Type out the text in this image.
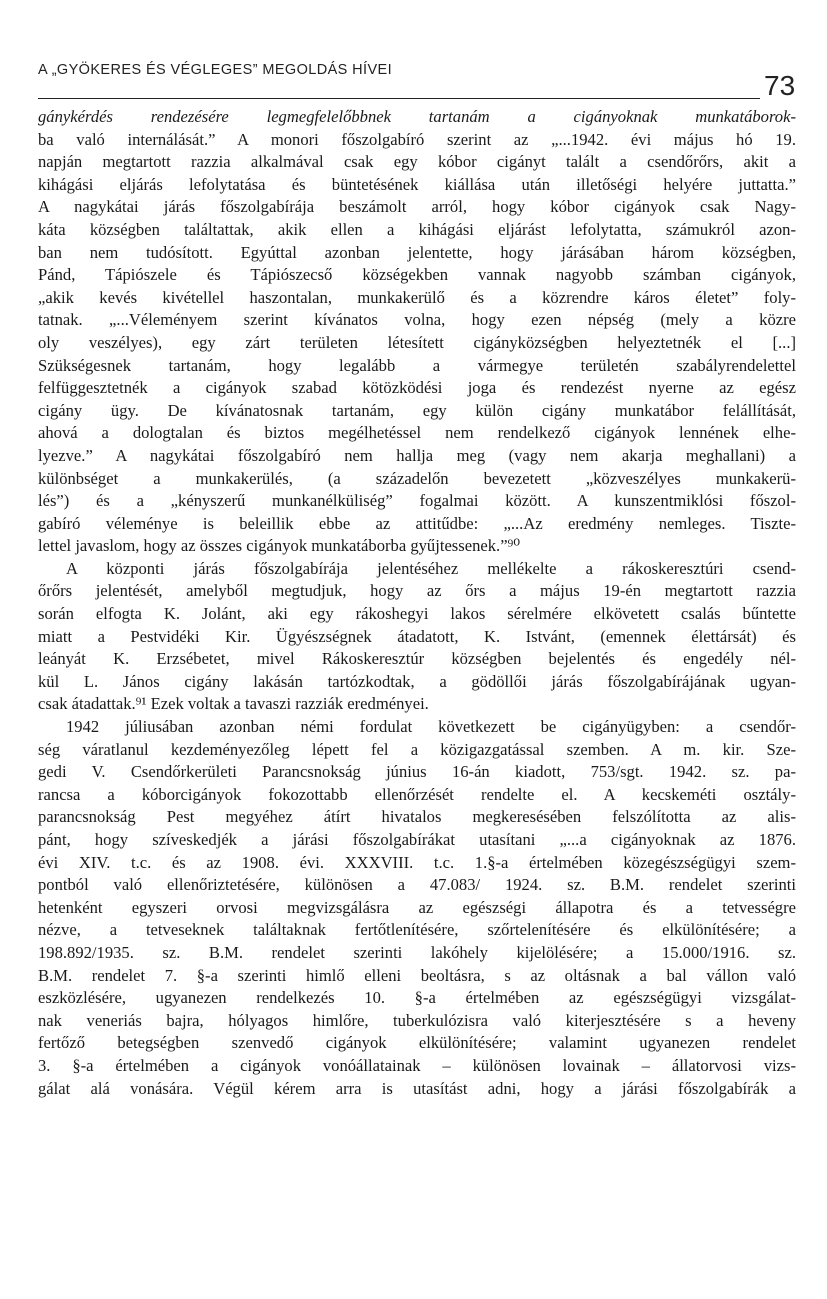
A „GYÖKERES ÉS VÉGLEGES” MEGOLDÁS HÍVEI	73
gánykérdés rendezésére legmegfelelőbbnek tartanám a cigányoknak munkatáborok-
ba való internálását.” A monori főszolgabíró szerint az „...1942. évi május hó 19.
napján megtartott razzia alkalmával csak egy kóbor cigányt talált a csendőrőrs, akit a
kihágási eljárás lefolytatása és büntetésének kiállása után illetőségi helyére juttatta.”
A nagykátai járás főszolgabírája beszámolt arról, hogy kóbor cigányok csak Nagy-
káta községben találtattak, akik ellen a kihágási eljárást lefolytatta, számukról azon-
ban nem tudósított. Egyúttal azonban jelentette, hogy járásában három községben,
Pánd, Tápiószele és Tápiószecső községekben vannak nagyobb számban cigányok,
„akik kevés kivétellel haszontalan, munkakerülő és a közrendre káros életet” foly-
tatnak. „...Véleményem szerint kívánatos volna, hogy ezen népség (mely a közre
oly veszélyes), egy zárt területen létesített cigányközségben helyeztetnék el [...]
Szükségesnek tartanám, hogy legalább a vármegye területén szabályrendelettel
felfüggesztetnék a cigányok szabad kötözködési joga és rendezést nyerne az egész
cigány ügy. De kívánatosnak tartanám, egy külön cigány munkatábor felállítását,
ahová a dologtalan és biztos megélhetéssel nem rendelkező cigányok lennének elhe-
lyezve.” A nagykátai főszolgabíró nem hallja meg (vagy nem akarja meghallani) a
különbséget a munkakerülés, (a századelőn bevezetett „közveszélyes munkakerü-
lés”) és a „kényszerű munkanélküliség” fogalmai között. A kunszentmiklósi főszol-
gabíró véleménye is beleillik ebbe az attitűdbe: „...Az eredmény nemleges. Tiszte-
lettel javaslom, hogy az összes cigányok munkatáborba gyűjtessenek.”⁹⁰
A központi járás főszolgabírája jelentéséhez mellékelte a rákoskeresztúri csend-
őrőrs jelentését, amelyből megtudjuk, hogy az őrs a május 19-én megtartott razzia
során elfogta K. Jolánt, aki egy rákoshegyi lakos sérelmére elkövetett csalás bűntette
miatt a Pestvidéki Kir. Ügyészségnek átadatott, K. Istvánt, (emennek élettársát) és
leányát K. Erzsébetet, mivel Rákoskeresztúr községben bejelentés és engedély nél-
kül L. János cigány lakásán tartózkodtak, a gödöllői járás főszolgabírájának ugyan-
csak átadattak.⁹¹ Ezek voltak a tavaszi razziák eredményei.
1942 júliusában azonban némi fordulat következett be cigányügyben: a csendőr-
ség váratlanul kezdeményezőleg lépett fel a közigazgatással szemben. A m. kir. Sze-
gedi V. Csendőrkerületi Parancsnokság június 16-án kiadott, 753/sgt. 1942. sz. pa-
rancsa a kóborcigányok fokozottabb ellenőrzését rendelte el. A kecskeméti osztály-
parancsnokság Pest megyéhez átírt hivatalos megkeresésében felszólította az alis-
pánt, hogy szíveskedjék a járási főszolgabírákat utasítani „...a cigányoknak az 1876.
évi XIV. t.c. és az 1908. évi. XXXVIII. t.c. 1.§-a értelmében közegészségügyi szem-
pontból való ellenőriztetésére, különösen a 47.083/ 1924. sz. B.M. rendelet szerinti
hetenként egyszeri orvosi megvizsgálásra az egészségi állapotra és a tetvességre
nézve, a tetveseknek találtaknak fertőtlenítésére, szőrtelenítésére és elkülönítésére; a
198.892/1935. sz. B.M. rendelet szerinti lakóhely kijelölésére; a 15.000/1916. sz.
B.M. rendelet 7. §-a szerinti himlő elleni beoltásra, s az oltásnak a bal vállon való
eszközlésére, ugyanezen rendelkezés 10. §-a értelmében az egészségügyi vizsgálat-
nak veneriás bajra, hólyagos himlőre, tuberkulózisra való kiterjesztésére s a heveny
fertőző betegségben szenvedő cigányok elkülönítésére; valamint ugyanezen rendelet
3. §-a értelmében a cigányok vonóállatainak – különösen lovainak – állatorvosi vizs-
gálat alá vonására. Végül kérem arra is utasítást adni, hogy a járási főszolgabírák a
